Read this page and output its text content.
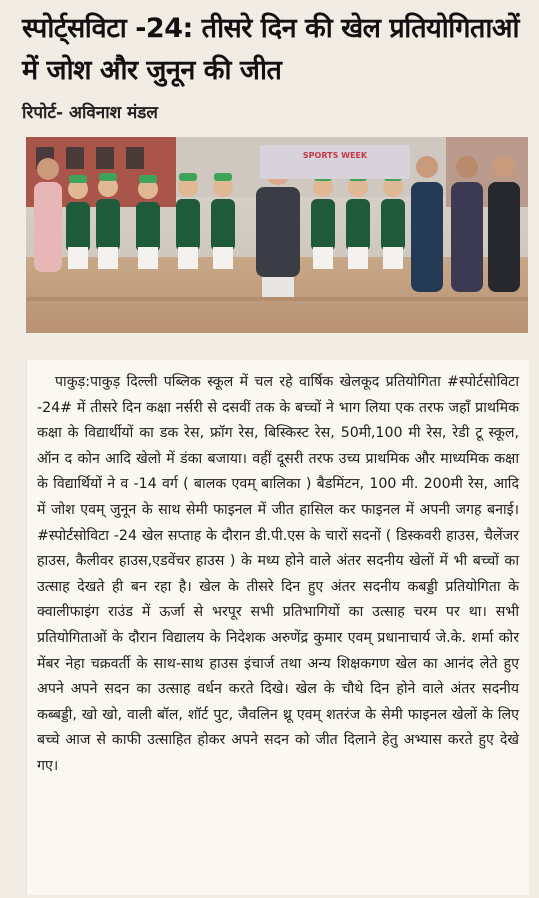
स्पोर्ट्सविटा -24: तीसरे दिन की खेल प्रतियोगिताओं में जोश और जुनून की जीत
रिपोर्ट- अविनाश मंडल
SPORTS WEEK

पाकुड़:पाकुड़ दिल्ली पब्लिक स्कूल में चल रहे वार्षिक खेलकूद प्रतियोगिता #स्पोर्टसोविटा -24# में तीसरे दिन कक्षा नर्सरी से दसवीं तक के बच्चों ने भाग लिया एक तरफ जहाँ प्राथमिक कक्षा के विद्यार्थीयों का डक रेस, फ्रॉग रेस, बिस्किस्ट रेस, 50मी,100 मी रेस, रेडी टू स्कूल, ऑन द कोन आदि खेलो में डंका बजाया। वहीं दूसरी तरफ उच्य प्राथमिक और माध्यमिक कक्षा के विद्यार्थियों ने व -14 वर्ग ( बालक एवम् बालिका ) बैडमिंटन, 100 मी. 200मी रेस, आदि में जोश एवम् जुनून के साथ सेमी फाइनल में जीत हासिल कर फाइनल में अपनी जगह बनाई। #स्पोर्टसोविटा -24 खेल सप्ताह के दौरान डी.पी.एस के चारों सदनों ( डिस्कवरी हाउस, चैलेंजर हाउस, कैलीवर हाउस,एडवेंचर हाउस ) के मध्य होने वाले अंतर सदनीय खेलों में भी बच्चों का उत्साह देखते ही बन रहा है। खेल के तीसरे दिन हुए अंतर सदनीय कबड्डी प्रतियोगिता के क्वालीफाइंग राउंड में ऊर्जा से भरपूर सभी प्रतिभागियों का उत्साह चरम पर था। सभी प्रतियोगिताओं के दौरान विद्यालय के निदेशक अरुणेंद्र कुमार एवम् प्रधानाचार्य जे.के. शर्मा कोर मेंबर नेहा चक्रवर्ती के साथ-साथ हाउस इंचार्ज तथा अन्य शिक्षकगण खेल का आनंद लेते हुए अपने अपने सदन का उत्साह वर्धन करते दिखे। खेल के चौथे दिन होने वाले अंतर सदनीय कब्बड्डी, खो खो, वाली बॉल, शॉर्ट पुट, जैवलिन थ्रू एवम् शतरंज के सेमी फाइनल खेलों के लिए बच्चे आज से काफी उत्साहित होकर अपने सदन को जीत दिलाने हेतु अभ्यास करते हुए देखे गए।
